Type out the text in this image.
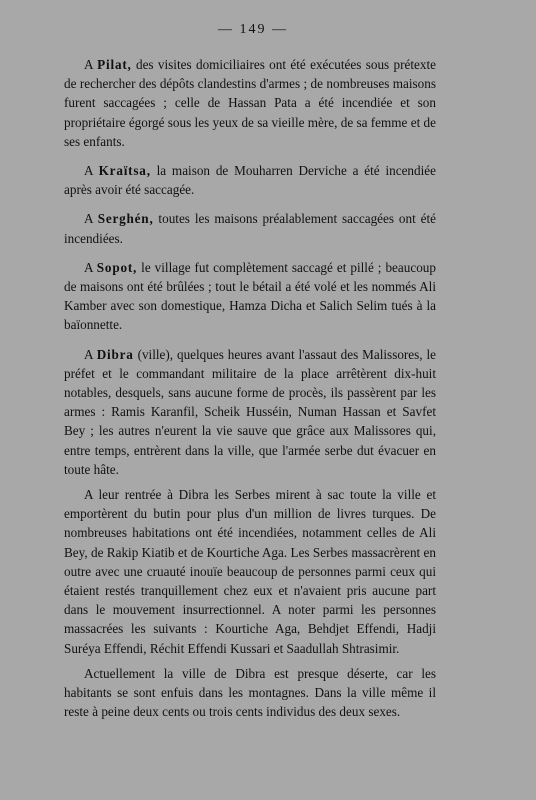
— 149 —

A Pilat, des visites domiciliaires ont été exécutées sous prétexte de rechercher des dépôts clandestins d'armes ; de nombreuses maisons furent saccagées ; celle de Hassan Pata a été incendiée et son propriétaire égorgé sous les yeux de sa vieille mère, de sa femme et de ses enfants.

A Kraïtsa, la maison de Mouharren Derviche a été incendiée après avoir été saccagée.

A Serghén, toutes les maisons préalablement saccagées ont été incendiées.

A Sopot, le village fut complètement saccagé et pillé ; beaucoup de maisons ont été brûlées ; tout le bétail a été volé et les nommés Ali Kamber avec son domestique, Hamza Dicha et Salich Selim tués à la baïonnette.

A Dibra (ville), quelques heures avant l'assaut des Malissores, le préfet et le commandant militaire de la place arrêtèrent dix-huit notables, desquels, sans aucune forme de procès, ils passèrent par les armes : Ramis Karanfil, Scheik Husséin, Numan Hassan et Savfet Bey ; les autres n'eurent la vie sauve que grâce aux Malissores qui, entre temps, entrèrent dans la ville, que l'armée serbe dut évacuer en toute hâte.

A leur rentrée à Dibra les Serbes mirent à sac toute la ville et emportèrent du butin pour plus d'un million de livres turques. De nombreuses habitations ont été incendiées, notamment celles de Ali Bey, de Rakip Kiatib et de Kourtiche Aga. Les Serbes massacrèrent en outre avec une cruauté inouïe beaucoup de personnes parmi ceux qui étaient restés tranquillement chez eux et n'avaient pris aucune part dans le mouvement insurrectionnel. A noter parmi les personnes massacrées les suivants : Kourtiche Aga, Behdjet Effendi, Hadji Suréya Effendi, Réchit Effendi Kussari et Saadullah Shtrasimir.

Actuellement la ville de Dibra est presque déserte, car les habitants se sont enfuis dans les montagnes. Dans la ville même il reste à peine deux cents ou trois cents individus des deux sexes.
